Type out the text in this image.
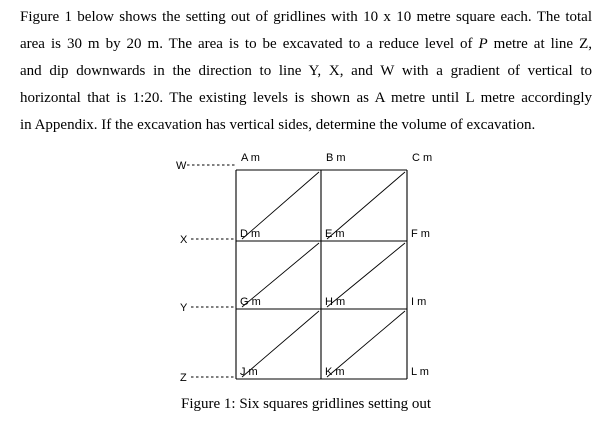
Figure 1 below shows the setting out of gridlines with 10 x 10 metre square each. The total
area is 30 m by 20 m. The area is to be excavated to a reduce level of P metre at line Z,
and dip downwards in the direction to line Y, X, and W with a gradient of vertical to
horizontal that is 1:20. The existing levels is shown as A metre until L metre accordingly
in Appendix. If the excavation has vertical sides, determine the volume of excavation.
W
X
Y
Z
A m	B m	C m
D m	E m	F m
G m	H m	I m
J m	K m	L m
Figure 1: Six squares gridlines setting out
